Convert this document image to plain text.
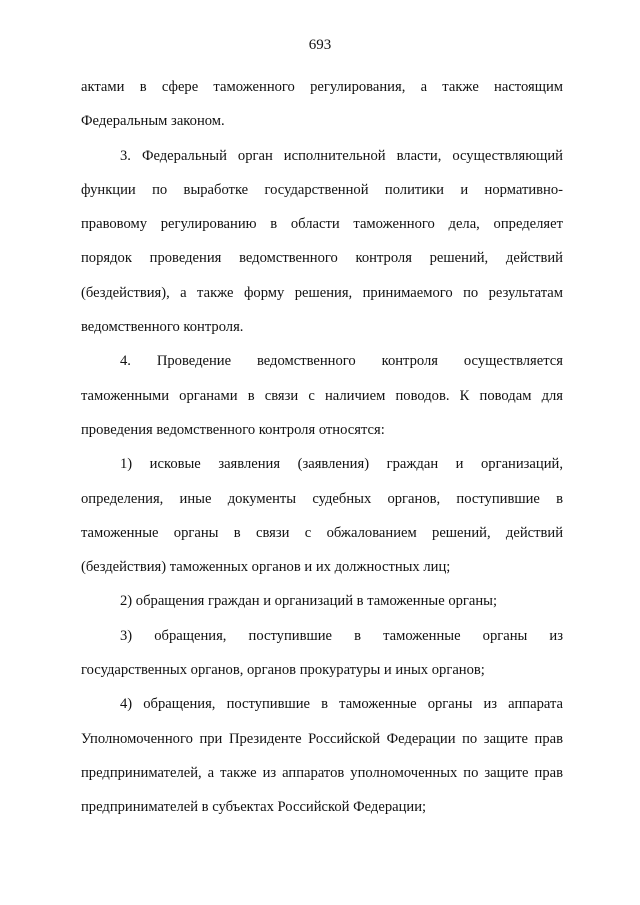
693
актами в сфере таможенного регулирования, а также настоящим
Федеральным законом.
3. Федеральный орган исполнительной власти, осуществляющий
функции по выработке государственной политики и нормативно-
правовому регулированию в области таможенного дела, определяет
порядок проведения ведомственного контроля решений, действий
(бездействия), а также форму решения, принимаемого по результатам
ведомственного контроля.
4. Проведение ведомственного контроля осуществляется
таможенными органами в связи с наличием поводов. К поводам для
проведения ведомственного контроля относятся:
1) исковые заявления (заявления) граждан и организаций,
определения, иные документы судебных органов, поступившие в
таможенные органы в связи с обжалованием решений, действий
(бездействия) таможенных органов и их должностных лиц;
2) обращения граждан и организаций в таможенные органы;
3) обращения, поступившие в таможенные органы из
государственных органов, органов прокуратуры и иных органов;
4) обращения, поступившие в таможенные органы из аппарата
Уполномоченного при Президенте Российской Федерации по защите прав
предпринимателей, а также из аппаратов уполномоченных по защите прав
предпринимателей в субъектах Российской Федерации;
